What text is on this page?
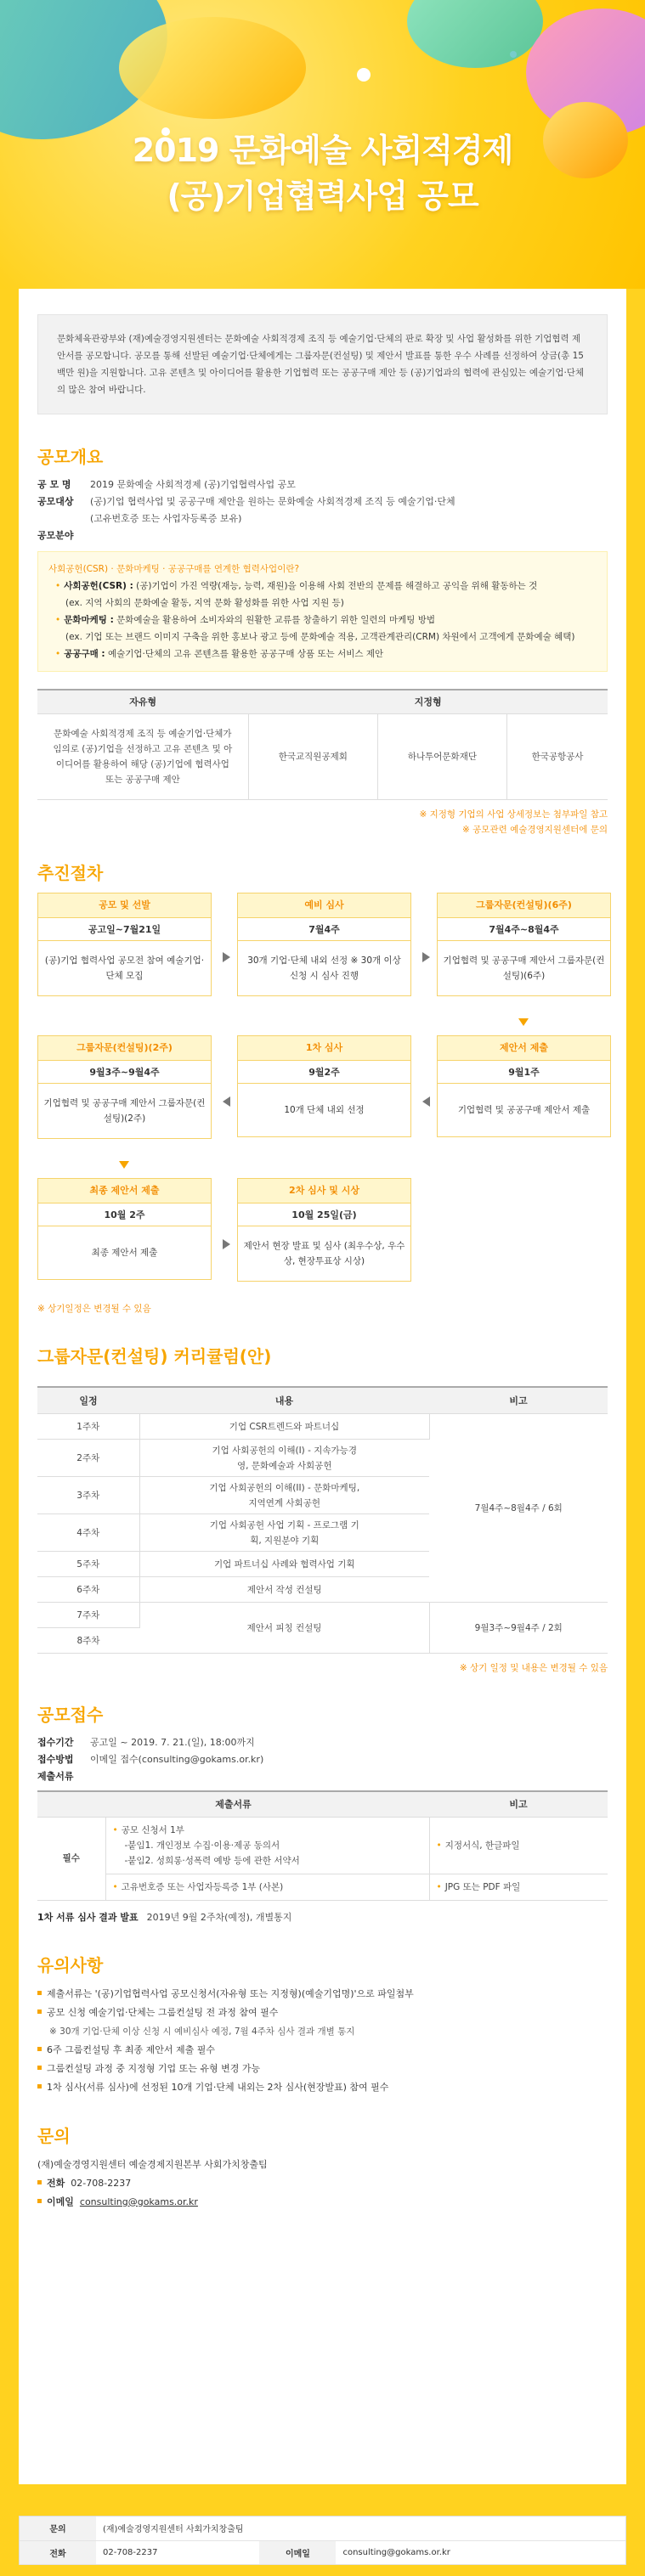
2019 문화예술 사회적경제
(공)기업협력사업 공모
문화체육관광부와 (재)예술경영지원센터는 문화예술 사회적경제 조직 등 예술기업·단체의 판로 확장 및 사업 활성화를 위한 기업협력 제안서를 공모합니다. 공모를 통해 선발된 예술기업·단체에게는 그룹자문(컨설팅) 및 제안서 발표를 통한 우수 사례를 선정하여 상금(총 15백만 원)을 지원합니다. 고유 콘텐츠 및 아이디어를 활용한 기업협력 또는 공공구매 제안 등 (공)기업과의 협력에 관심있는 예술기업·단체의 많은 참여 바랍니다.
공모개요
공 모 명	2019 문화예술 사회적경제 (공)기업협력사업 공모
공모대상	(공)기업 협력사업 및 공공구매 제안을 원하는 문화예술 사회적경제 조직 등 예술기업·단체
(고유번호증 또는 사업자등록증 보유)
공모분야
사회공헌(CSR) · 문화마케팅 · 공공구매를 연계한 협력사업이란?
• 사회공헌(CSR) : (공)기업이 가진 역량(재능, 능력, 재원)을 이용해 사회 전반의 문제를 해결하고 공익을 위해 활동하는 것
(ex. 지역 사회의 문화예술 활동, 지역 문화 활성화를 위한 사업 지원 등)
• 문화마케팅 : 문화예술을 활용하여 소비자와의 원활한 교류를 창출하기 위한 일련의 마케팅 방법
(ex. 기업 또는 브랜드 이미지 구축을 위한 홍보나 광고 등에 문화예술 적용, 고객관계관리(CRM) 차원에서 고객에게 문화예술 혜택)
• 공공구매 : 예술기업·단체의 고유 콘텐츠를 활용한 공공구매 상품 또는 서비스 제안
자유형	지정형		
문화예술 사회적경제 조직 등 예술기업·단체가 임의로 (공)기업을 선정하고 고유 콘텐츠 및 아이디어를 활용하여 해당 (공)기업에 협력사업 또는 공공구매 제안	한국교직원공제회	하나투어문화재단	한국공항공사
※ 지정형 기업의 사업 상세정보는 첨부파일 참고
※ 공모관련 예술경영지원센터에 문의
추진절차
공모 및 선발
공고일~7월21일
(공)기업 협력사업 공모전 참여 예술기업·단체 모집
예비 심사
7월4주
30개 기업·단체 내외 선정 ※ 30개 이상 신청 시 심사 진행
그룹자문(컨설팅)(6주)
7월4주~8월4주
기업협력 및 공공구매 제안서 그룹자문(컨설팅)(6주)
제안서 제출
9월1주
기업협력 및 공공구매 제안서 제출
1차 심사
9월2주
10개 단체 내외 선정
그룹자문(컨설팅)(2주)
9월3주~9월4주
기업협력 및 공공구매 제안서 그룹자문(컨설팅)(2주)
최종 제안서 제출
10월 2주
최종 제안서 제출
2차 심사 및 시상
10월 25일(금)
제안서 현장 발표 및 심사 (최우수상, 우수상, 현장투표상 시상)
※ 상기일정은 변경될 수 있음
그룹자문(컨설팅) 커리큘럼(안)
일정	내용	비고
1주차	기업 CSR트렌드와 파트너십	7월4주~8월4주 / 6회
2주차	기업 사회공헌의 이해(I) - 지속가능경영, 문화예술과 사회공헌	
3주차	기업 사회공헌의 이해(II) - 문화마케팅, 지역연계 사회공헌	
4주차	기업 사회공헌 사업 기획 - 프로그램 기획, 지원분야 기획	
5주차	기업 파트너십 사례와 협력사업 기획	
6주차	제안서 작성 컨설팅	
7주차	제안서 피칭 컨설팅	9월3주~9월4주 / 2회
8주차		
※ 상기 일정 및 내용은 변경될 수 있음
공모접수
접수기간	공고일 ~ 2019. 7. 21.(일), 18:00까지
접수방법	이메일 접수(consulting@gokams.or.kr)
제출서류
제출서류		비고
필수	• 공모 신청서 1부
-붙임1. 개인정보 수집·이용·제공 동의서
-붙임2. 성희롱·성폭력 예방 등에 관한 서약서	• 지정서식, 한글파일
	• 고유번호증 또는 사업자등록증 1부 (사본)	• JPG 또는 PDF 파일
1차 서류 심사 결과 발표 2019년 9월 2주차(예정), 개별통지
유의사항
제출서류는 '(공)기업협력사업 공모신청서(자유형 또는 지정형)(예술기업명)'으로 파일첨부
공모 신청 예술기업·단체는 그룹컨설팅 전 과정 참여 필수
※ 30개 기업·단체 이상 신청 시 예비심사 예정, 7월 4주차 심사 결과 개별 통지
6주 그룹컨설팅 후 최종 제안서 제출 필수
그룹컨설팅 과정 중 지정형 기업 또는 유형 변경 가능
1차 심사(서류 심사)에 선정된 10개 기업·단체 내외는 2차 심사(현장발표) 참여 필수
문의
(재)예술경영지원센터 예술경제지원본부 사회가치창출팀
전화 02-708-2237
이메일 consulting@gokams.or.kr
문의	(재)예술경영지원센터 사회가치창출팀		
전화	02-708-2237	이메일	consulting@gokams.or.kr
